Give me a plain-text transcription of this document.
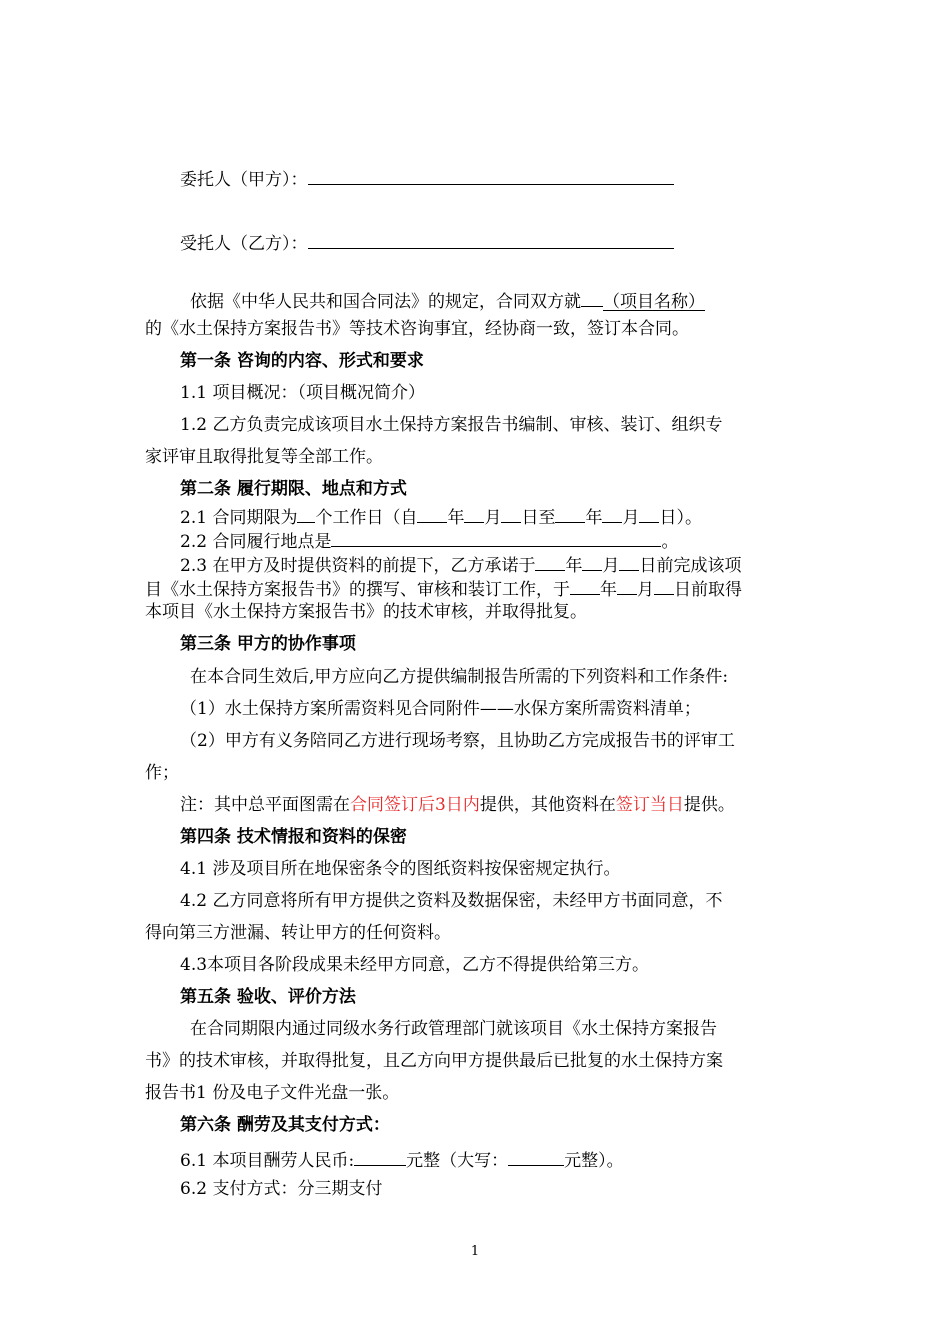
委托人（甲方）：
受托人（乙方）：
依据《中华人民共和国合同法》的规定，合同双方就 （项目名称）
的《水土保持方案报告书》等技术咨询事宜，经协商一致，签订本合同。
第一条 咨询的内容、形式和要求
1.1 项目概况：（项目概况简介）
1.2 乙方负责完成该项目水土保持方案报告书编制、审核、装订、组织专
家评审且取得批复等全部工作。
第二条 履行期限、地点和方式
2.1 合同期限为 个工作日（自 年 月 日至 年 月 日）。
2.2 合同履行地点是	。
2.3 在甲方及时提供资料的前提下，乙方承诺于 年 月 日前完成该项
目《水土保持方案报告书》的撰写、审核和装订工作，于 年 月 日前取得
本项目《水土保持方案报告书》的技术审核，并取得批复。
第三条 甲方的协作事项
在本合同生效后,甲方应向乙方提供编制报告所需的下列资料和工作条件:
（1）水土保持方案所需资料见合同附件——水保方案所需资料清单；
（2）甲方有义务陪同乙方进行现场考察，且协助乙方完成报告书的评审工
作；
注：其中总平面图需在合同签订后3日内提供，其他资料在签订当日提供。
第四条 技术情报和资料的保密
4.1 涉及项目所在地保密条令的图纸资料按保密规定执行。
4.2 乙方同意将所有甲方提供之资料及数据保密，未经甲方书面同意，不
得向第三方泄漏、转让甲方的任何资料。
4.3本项目各阶段成果未经甲方同意，乙方不得提供给第三方。
第五条 验收、评价方法
在合同期限内通过同级水务行政管理部门就该项目《水土保持方案报告
书》的技术审核，并取得批复，且乙方向甲方提供最后已批复的水土保持方案
报告书1 份及电子文件光盘一张。
第六条 酬劳及其支付方式：
6.1 本项目酬劳人民币:	元整（大写：	元整）。
6.2 支付方式：分三期支付
1
